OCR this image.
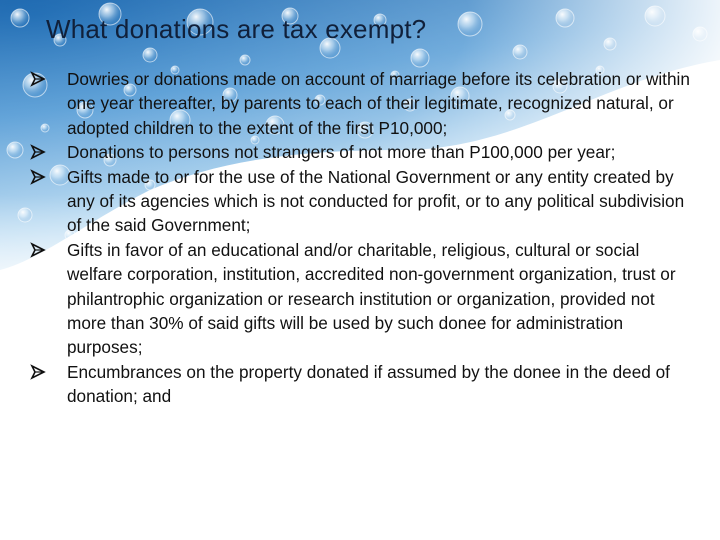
What donations are tax exempt?
Dowries or donations made on account of marriage before its celebration or within one year thereafter, by parents to each of their legitimate, recognized natural, or adopted children to the extent of the first P10,000;
Donations to persons not strangers of not more than P100,000 per year;
Gifts made to or for the use of the National Government or any entity created by any of its agencies which is not conducted for profit, or to any political subdivision of the said Government;
Gifts in favor of an educational and/or charitable, religious, cultural or social welfare corporation, institution, accredited non-government organization, trust or philantrophic organization or research institution or organization, provided not more than 30% of said gifts will be used by such donee for administration purposes;
Encumbrances on the property donated if assumed by the donee in the deed of donation; and
